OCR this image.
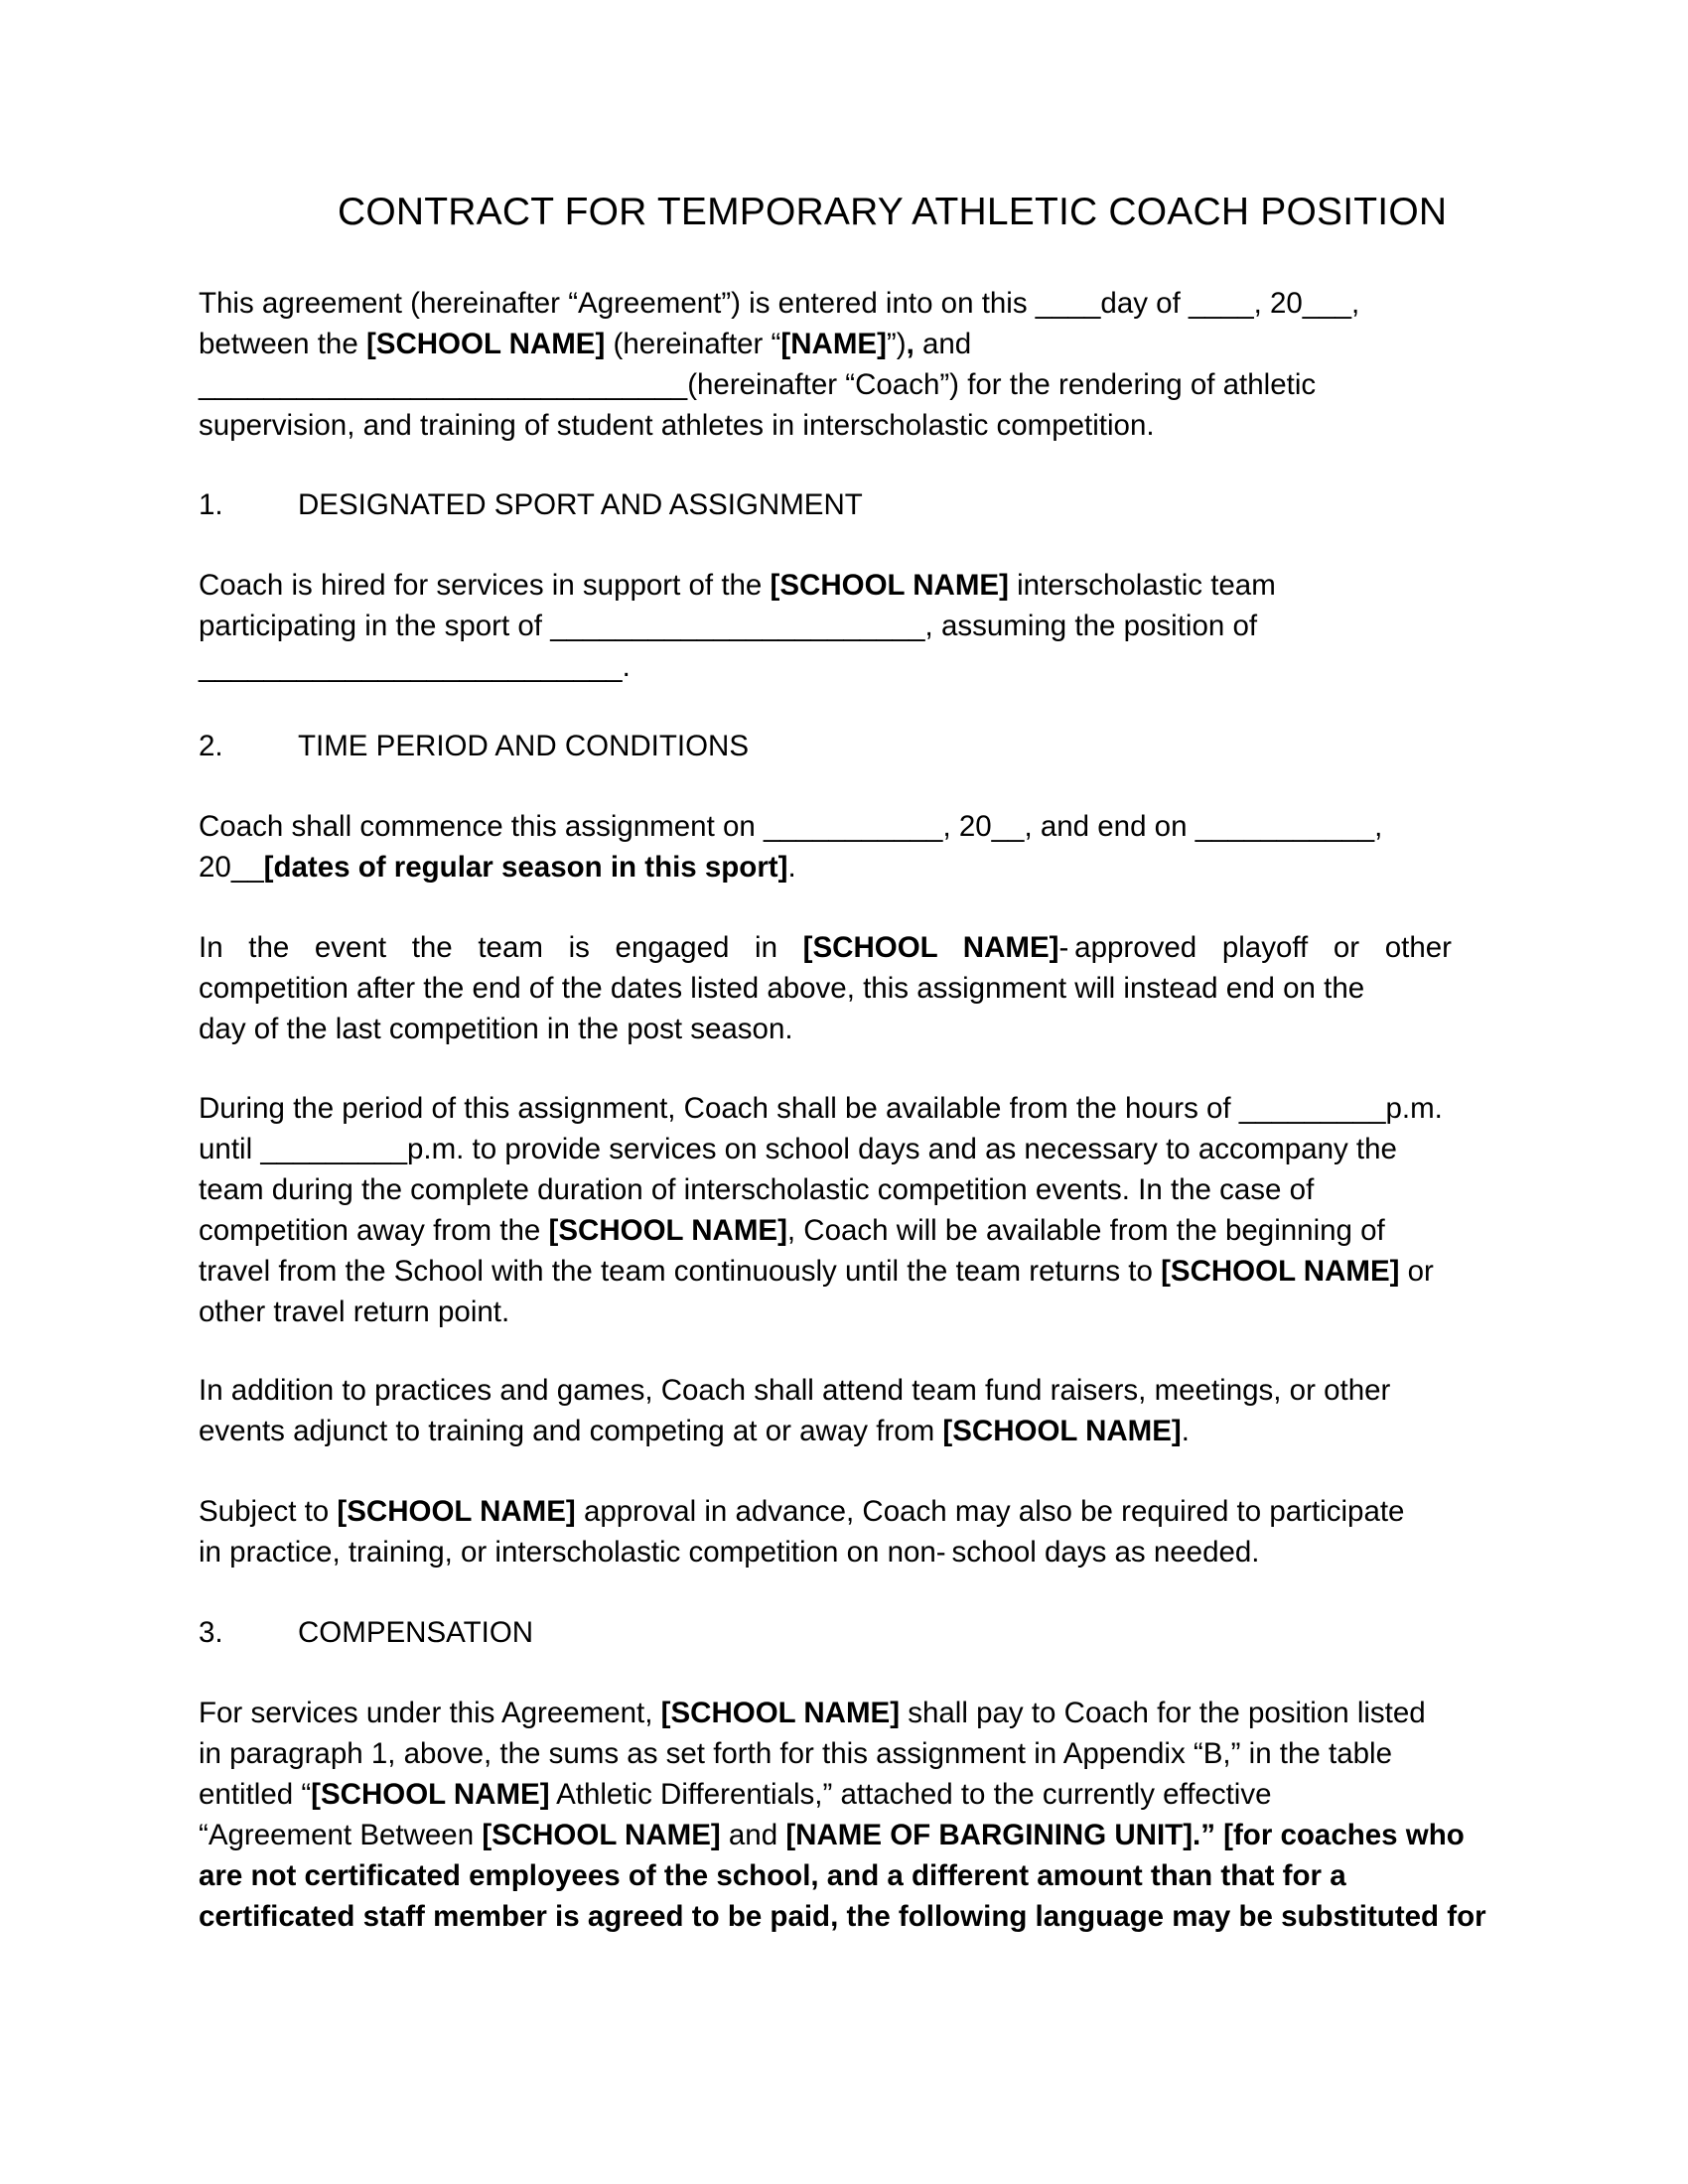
CONTRACT FOR TEMPORARY ATHLETIC COACH POSITION
This agreement (hereinafter “Agreement”) is entered into on this ____day of ____, 20___,
between the [SCHOOL NAME] (hereinafter “[NAME]”), and
______________________________(hereinafter “Coach”) for the rendering of athletic
supervision, and training of student athletes in interscholastic competition.
1.	DESIGNATED SPORT AND ASSIGNMENT
Coach is hired for services in support of the [SCHOOL NAME] interscholastic team
participating in the sport of _______________________, assuming the position of
__________________________.
2.	TIME PERIOD AND CONDITIONS
Coach shall commence this assignment on ___________, 20__, and end on ___________,
20__[dates of regular season in this sport].
In the event the team is engaged in [SCHOOL NAME]- approved playoff or other
competition after the end of the dates listed above, this assignment will instead end on the
day of the last competition in the post season.
During the period of this assignment, Coach shall be available from the hours of _________p.m.
until _________p.m. to provide services on school days and as necessary to accompany the
team during the complete duration of interscholastic competition events. In the case of
competition away from the [SCHOOL NAME], Coach will be available from the beginning of
travel from the School with the team continuously until the team returns to [SCHOOL NAME] or
other travel return point.
In addition to practices and games, Coach shall attend team fund raisers, meetings, or other
events adjunct to training and competing at or away from [SCHOOL NAME].
Subject to [SCHOOL NAME] approval in advance, Coach may also be required to participate
in practice, training, or interscholastic competition on non- school days as needed.
3.	COMPENSATION
For services under this Agreement, [SCHOOL NAME] shall pay to Coach for the position listed
in paragraph 1, above, the sums as set forth for this assignment in Appendix “B,” in the table
entitled “[SCHOOL NAME] Athletic Differentials,” attached to the currently effective
“Agreement Between [SCHOOL NAME] and [NAME OF BARGINING UNIT].” [for coaches who
are not certificated employees of the school, and a different amount than that for a
certificated staff member is agreed to be paid, the following language may be substituted for
